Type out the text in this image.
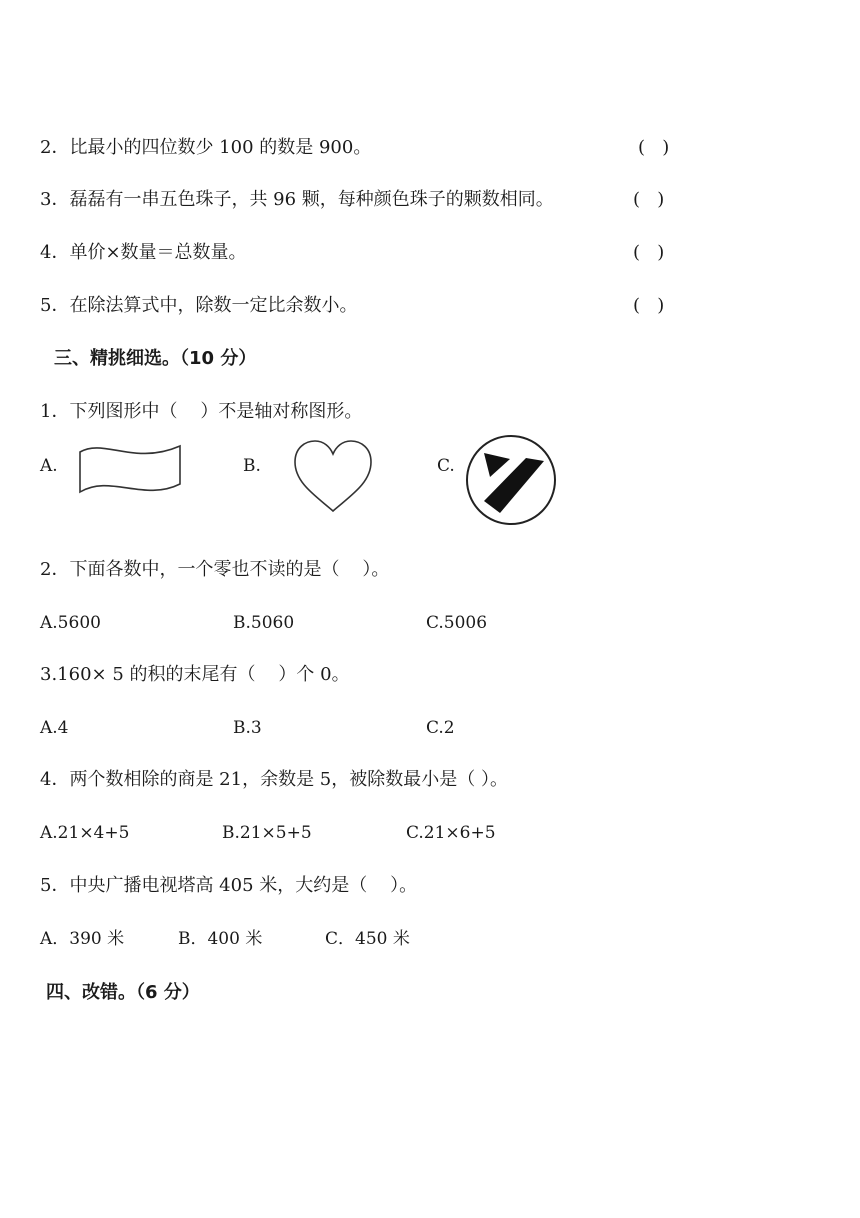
2．比最小的四位数少 100 的数是 900。	(   )
3．磊磊有一串五色珠子，共 96 颗，每种颜色珠子的颗数相同。	(   )
4．单价×数量＝总数量。	(   )
5．在除法算式中，除数一定比余数小。	(   )
三、精挑细选。（10 分）
1．下列图形中（    ）不是轴对称图形。
A.	B.	C.
2．下面各数中，一个零也不读的是（    ）。
A.5600	B.5060	C.5006
3.160× 5 的积的末尾有（    ）个 0。
A.4	B.3	C.2
4．两个数相除的商是 21，余数是 5，被除数最小是（ ）。
A.21×4+5	B.21×5+5	C.21×6+5
5．中央广播电视塔高 405 米，大约是（    ）。
A．390 米	B．400 米	C．450 米
四、改错。（6 分）
